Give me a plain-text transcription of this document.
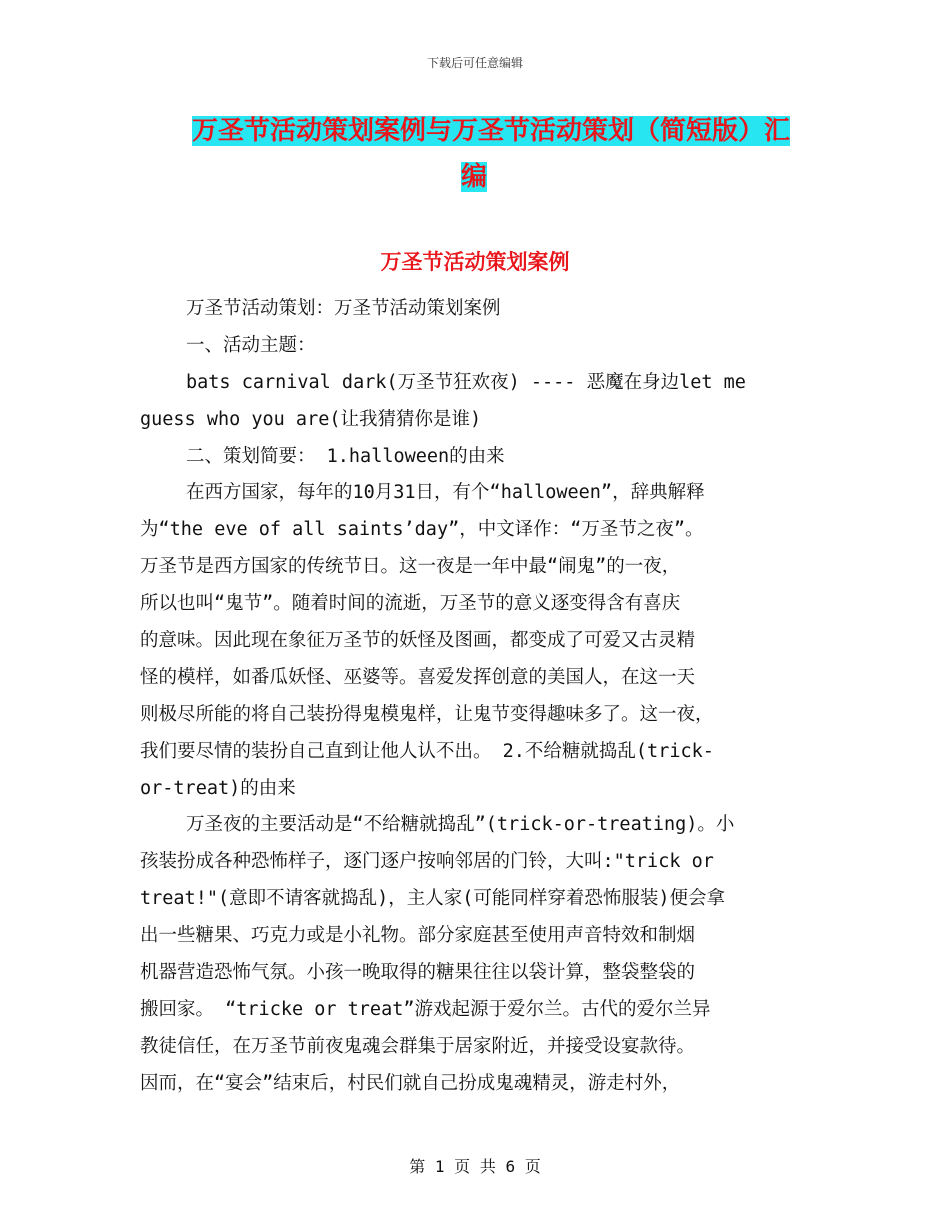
下载后可任意编辑
万圣节活动策划案例与万圣节活动策划（简短版）汇
编
万圣节活动策划案例
万圣节活动策划：万圣节活动策划案例
一、活动主题：
bats carnival dark(万圣节狂欢夜) ---- 恶魔在身边let me
guess who you are(让我猜猜你是谁)
二、策划简要： 1.halloween的由来
在西方国家，每年的10月31日，有个“halloween”，辞典解释
为“the eve of all saints’day”，中文译作：“万圣节之夜”。
万圣节是西方国家的传统节日。这一夜是一年中最“闹鬼”的一夜，
所以也叫“鬼节”。随着时间的流逝，万圣节的意义逐变得含有喜庆
的意味。因此现在象征万圣节的妖怪及图画，都变成了可爱又古灵精
怪的模样，如番瓜妖怪、巫婆等。喜爱发挥创意的美国人，在这一天
则极尽所能的将自己装扮得鬼模鬼样，让鬼节变得趣味多了。这一夜，
我们要尽情的装扮自己直到让他人认不出。 2.不给糖就捣乱(trick-
or-treat)的由来
万圣夜的主要活动是“不给糖就捣乱”(trick-or-treating)。小
孩装扮成各种恐怖样子，逐门逐户按响邻居的门铃，大叫:"trick or
treat!"(意即不请客就捣乱)，主人家(可能同样穿着恐怖服装)便会拿
出一些糖果、巧克力或是小礼物。部分家庭甚至使用声音特效和制烟
机器营造恐怖气氛。小孩一晚取得的糖果往往以袋计算，整袋整袋的
搬回家。 “tricke or treat”游戏起源于爱尔兰。古代的爱尔兰异
教徒信任，在万圣节前夜鬼魂会群集于居家附近，并接受设宴款待。
因而，在“宴会”结束后，村民们就自己扮成鬼魂精灵，游走村外，
第 1 页 共 6 页
